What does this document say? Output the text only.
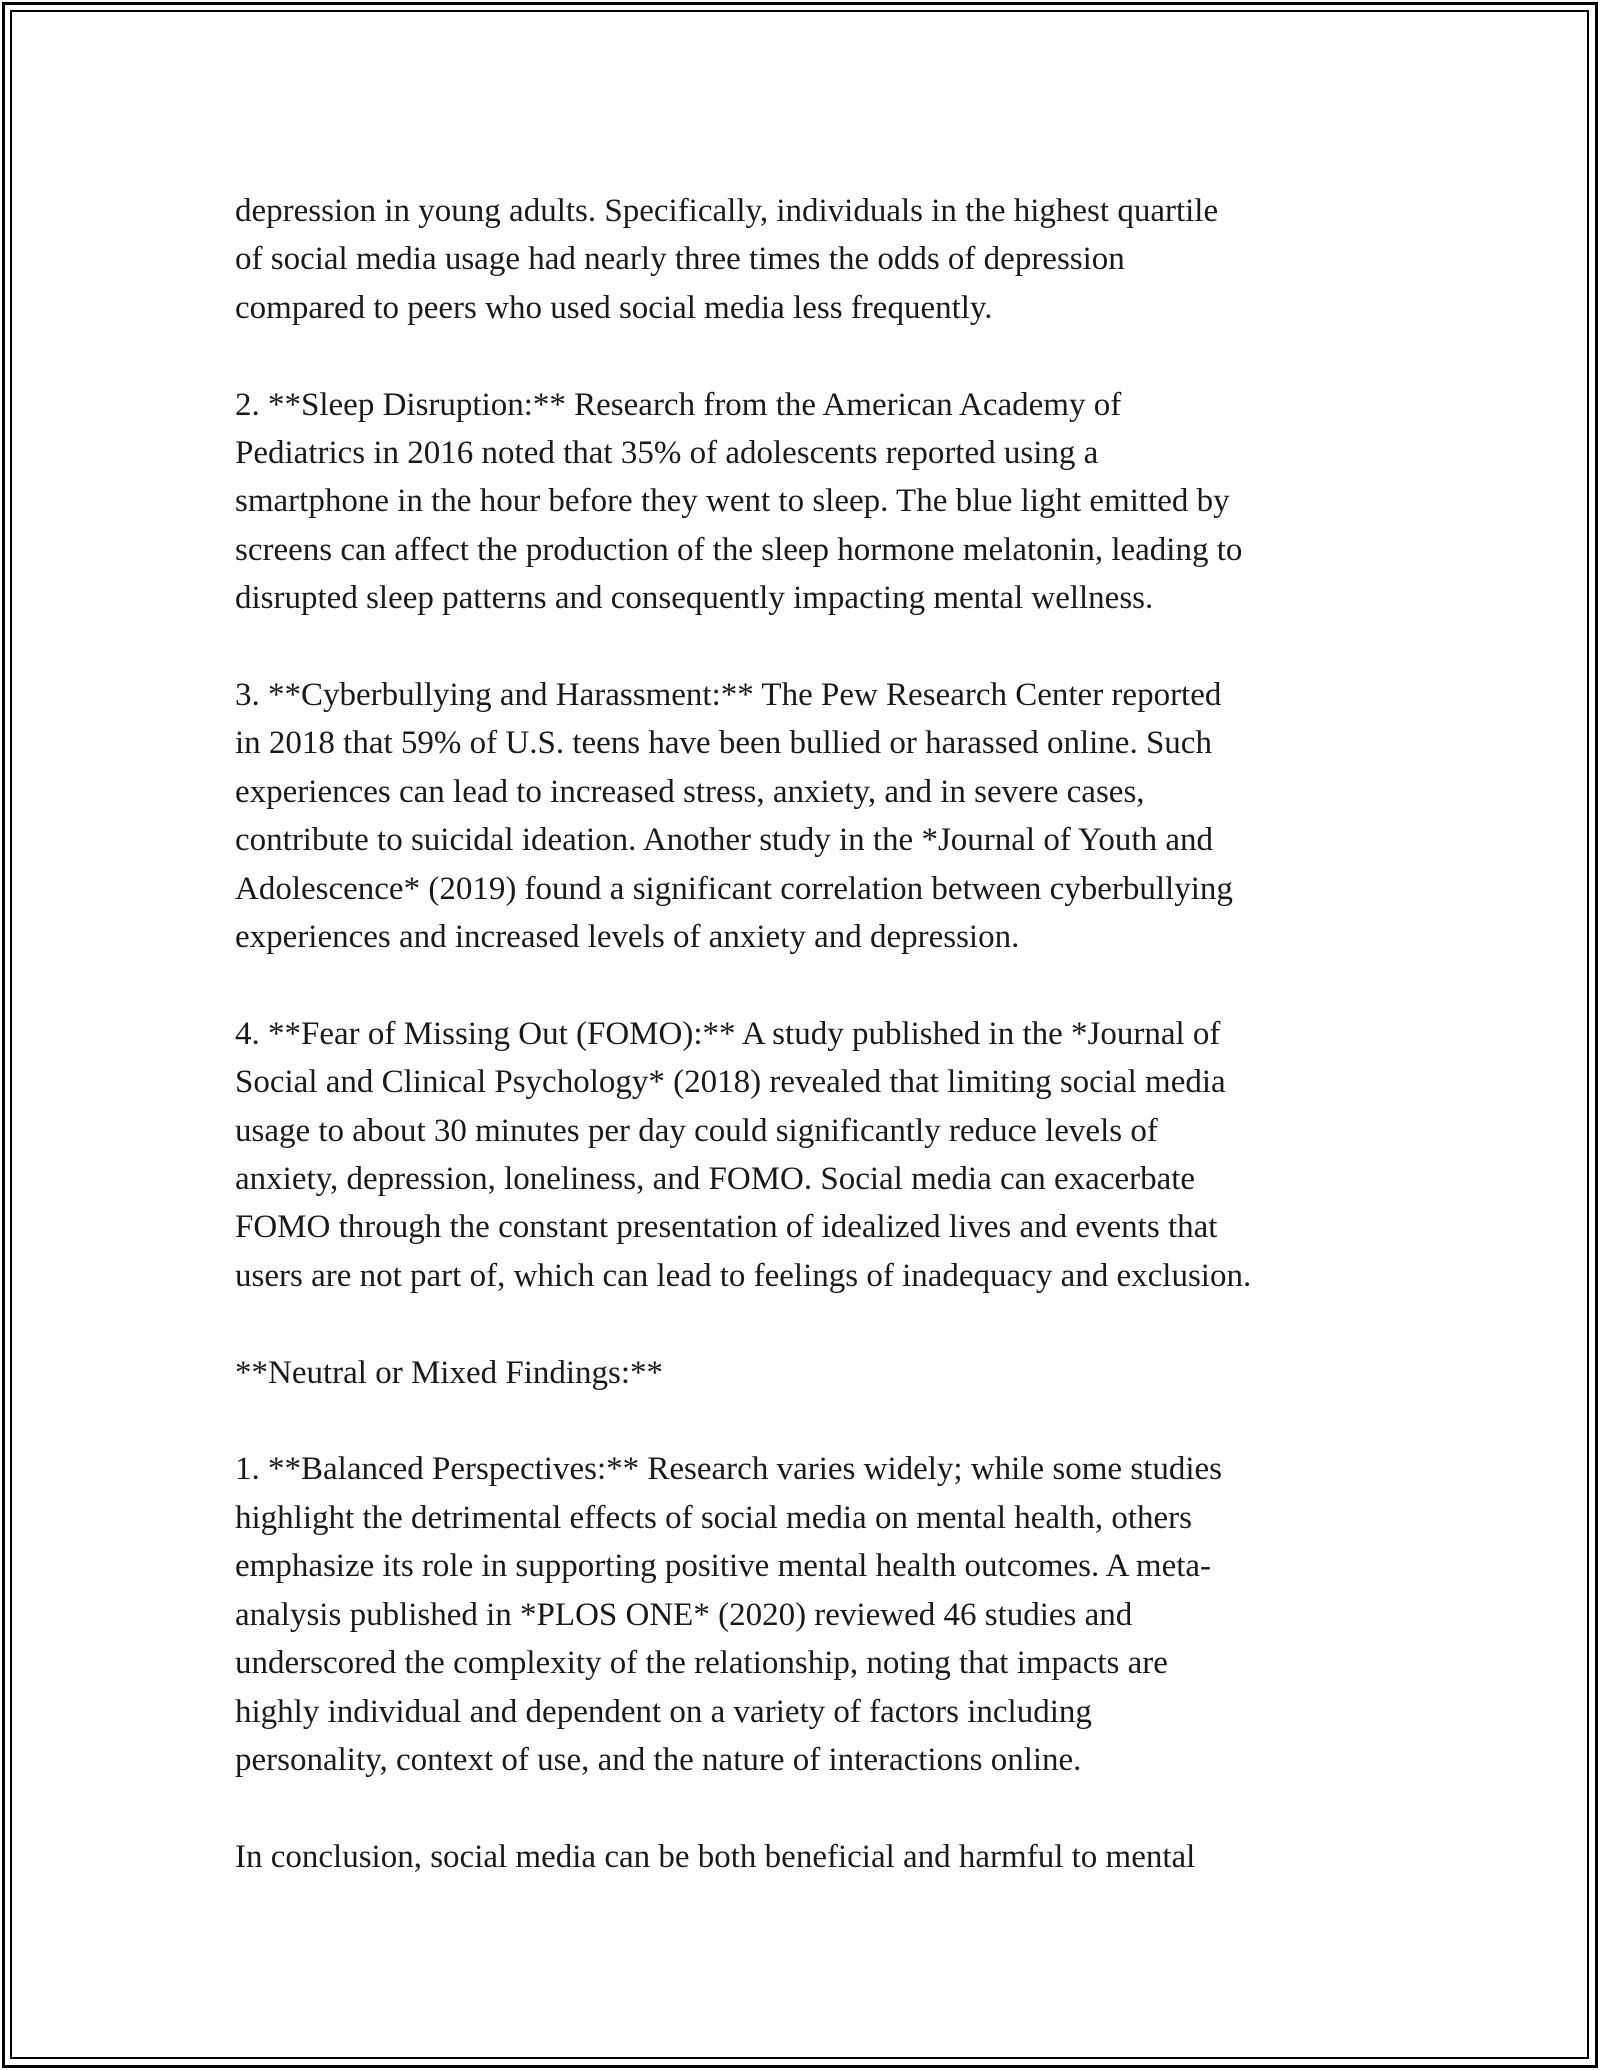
depression in young adults. Specifically, individuals in the highest quartile
of social media usage had nearly three times the odds of depression
compared to peers who used social media less frequently.

2. **Sleep Disruption:** Research from the American Academy of
Pediatrics in 2016 noted that 35% of adolescents reported using a
smartphone in the hour before they went to sleep. The blue light emitted by
screens can affect the production of the sleep hormone melatonin, leading to
disrupted sleep patterns and consequently impacting mental wellness.

3. **Cyberbullying and Harassment:** The Pew Research Center reported
in 2018 that 59% of U.S. teens have been bullied or harassed online. Such
experiences can lead to increased stress, anxiety, and in severe cases,
contribute to suicidal ideation. Another study in the *Journal of Youth and
Adolescence* (2019) found a significant correlation between cyberbullying
experiences and increased levels of anxiety and depression.

4. **Fear of Missing Out (FOMO):** A study published in the *Journal of
Social and Clinical Psychology* (2018) revealed that limiting social media
usage to about 30 minutes per day could significantly reduce levels of
anxiety, depression, loneliness, and FOMO. Social media can exacerbate
FOMO through the constant presentation of idealized lives and events that
users are not part of, which can lead to feelings of inadequacy and exclusion.

**Neutral or Mixed Findings:**

1. **Balanced Perspectives:** Research varies widely; while some studies
highlight the detrimental effects of social media on mental health, others
emphasize its role in supporting positive mental health outcomes. A meta-
analysis published in *PLOS ONE* (2020) reviewed 46 studies and
underscored the complexity of the relationship, noting that impacts are
highly individual and dependent on a variety of factors including
personality, context of use, and the nature of interactions online.

In conclusion, social media can be both beneficial and harmful to mental
